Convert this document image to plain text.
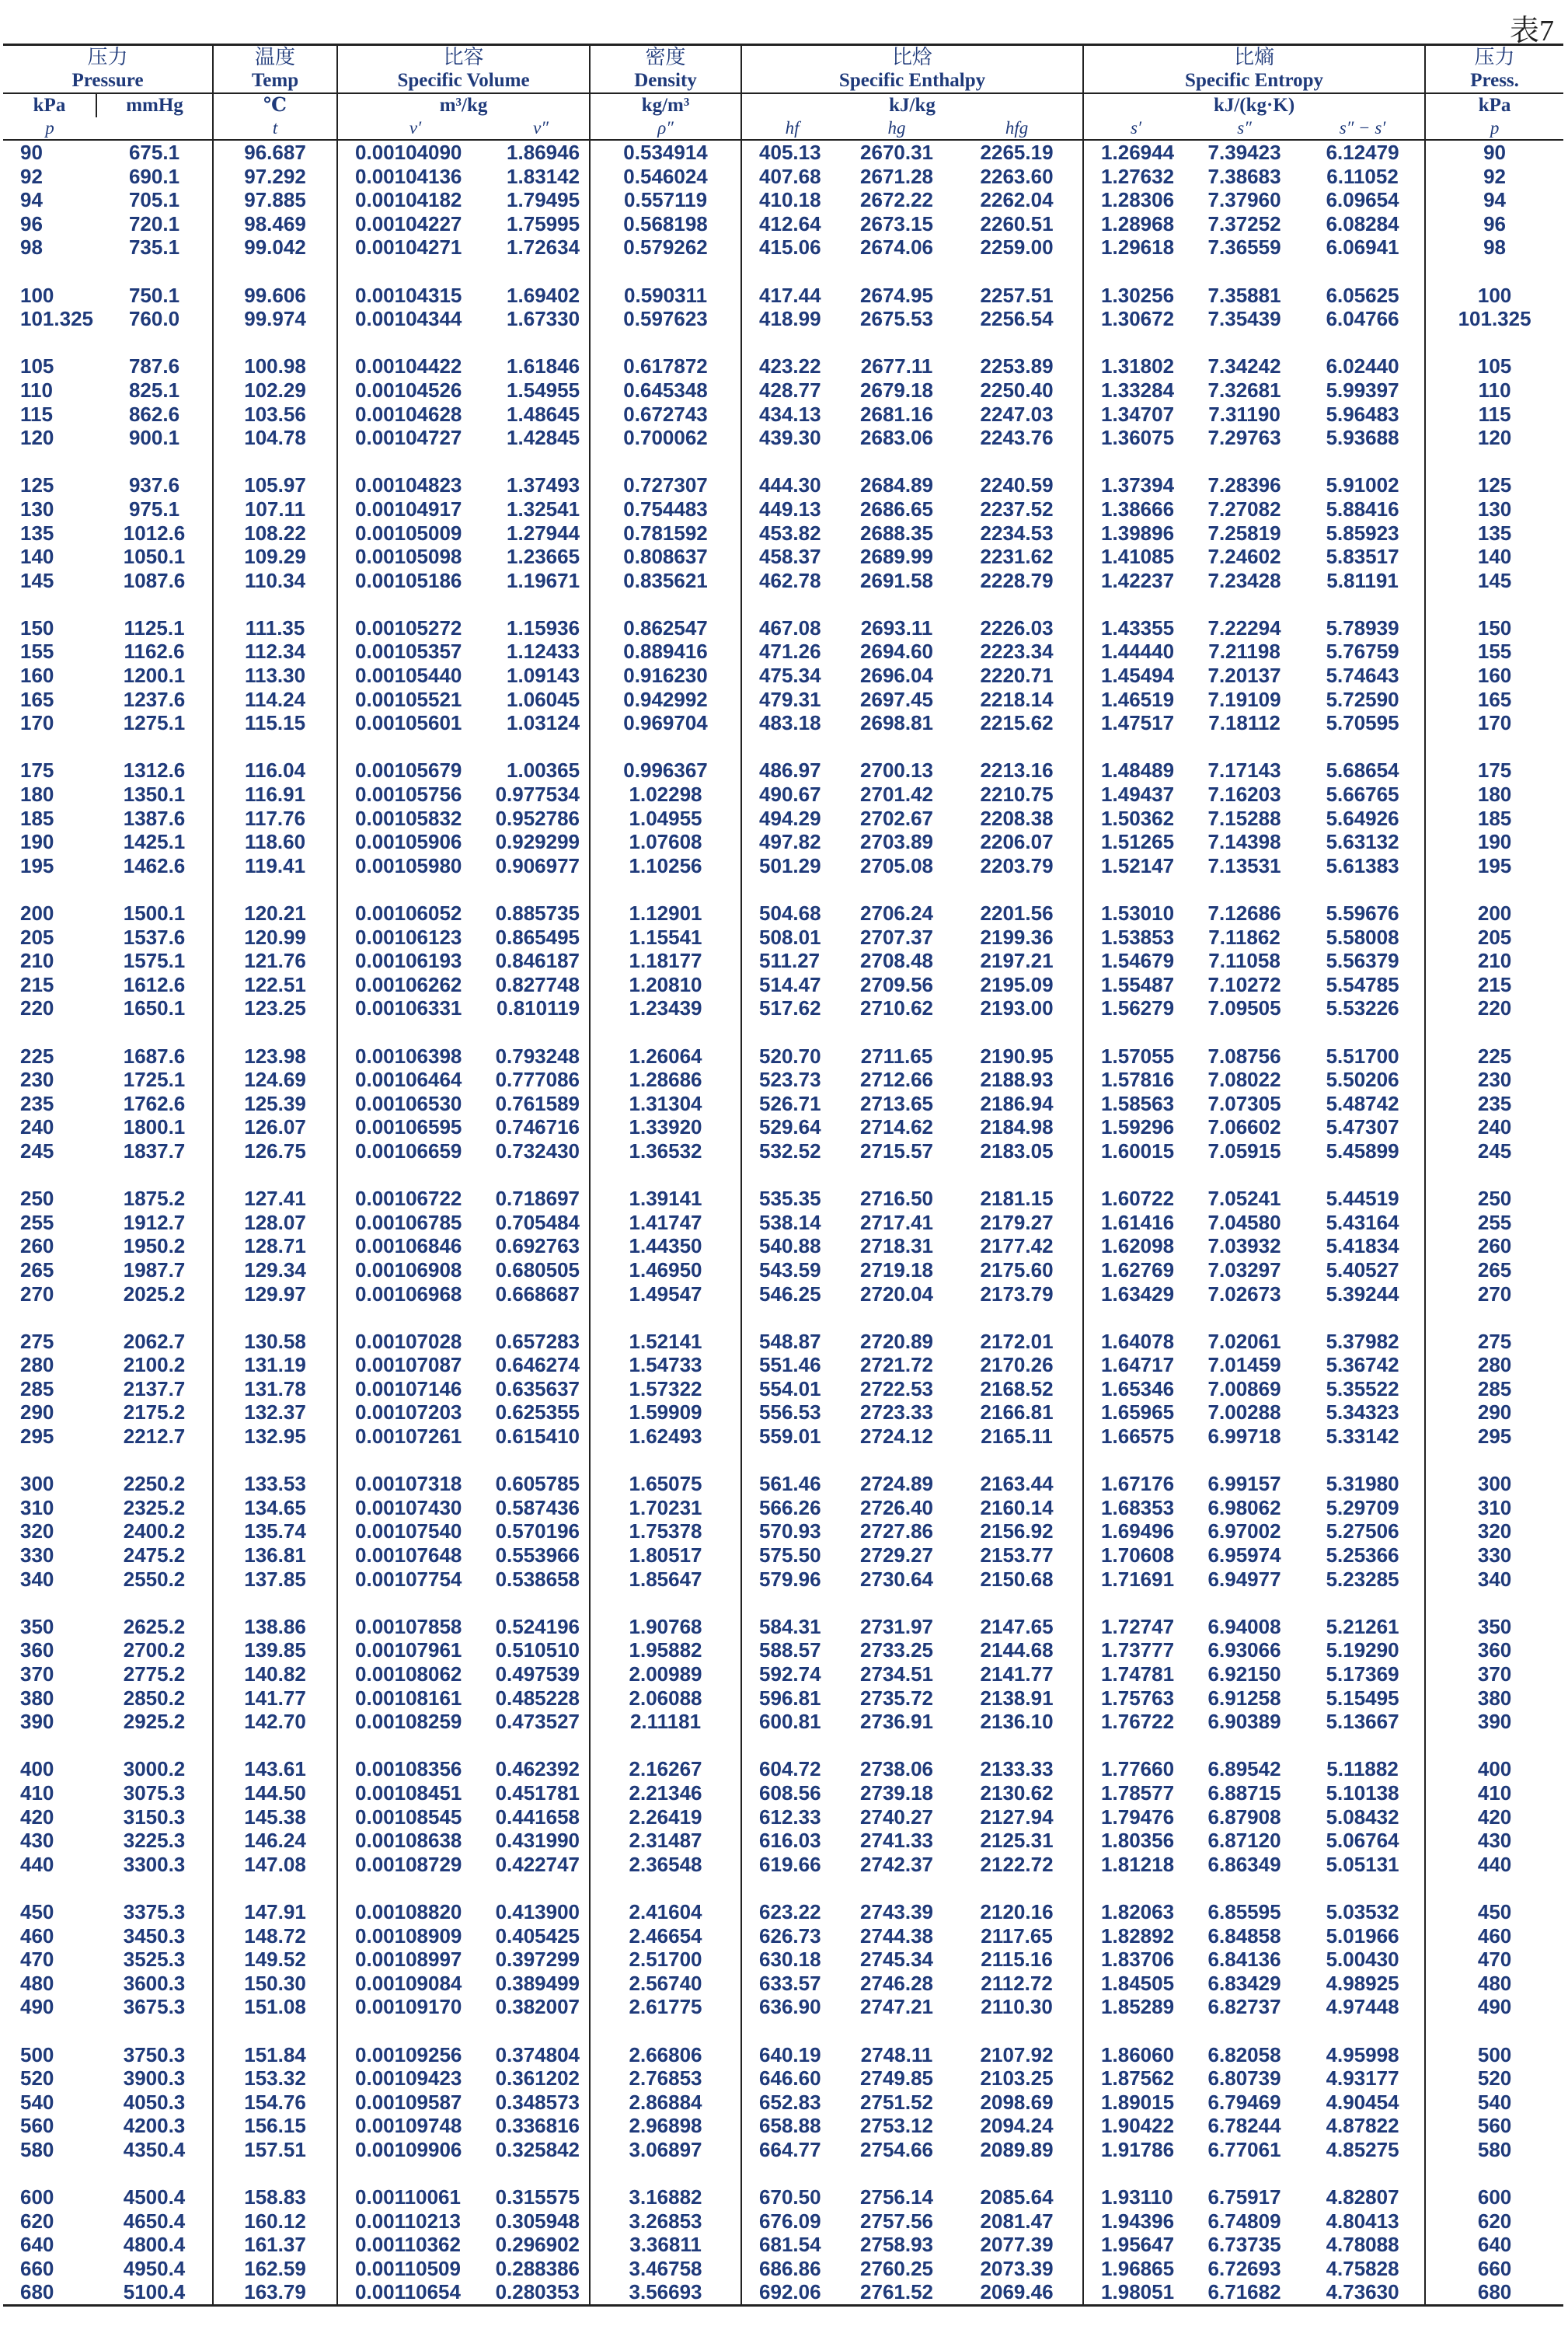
表7
压力		温度	比容		密度	比焓			比熵			压力
Pressure		Temp	Specific Volume		Density	Specific Enthalpy			Specific Entropy			Press.
kPa	mmHg	℃	m³/kg		kg/m³	kJ/kg			kJ/(kg·K)			kPa
p		t	v′	v″	ρ″	hf	hg	hfg	s′	s″	s″ − s′	p
90	675.1	96.687	0.00104090	1.86946	0.534914	405.13	2670.31	2265.19	1.26944	7.39423	6.12479	90
92	690.1	97.292	0.00104136	1.83142	0.546024	407.68	2671.28	2263.60	1.27632	7.38683	6.11052	92
94	705.1	97.885	0.00104182	1.79495	0.557119	410.18	2672.22	2262.04	1.28306	7.37960	6.09654	94
96	720.1	98.469	0.00104227	1.75995	0.568198	412.64	2673.15	2260.51	1.28968	7.37252	6.08284	96
98	735.1	99.042	0.00104271	1.72634	0.579262	415.06	2674.06	2259.00	1.29618	7.36559	6.06941	98

100	750.1	99.606	0.00104315	1.69402	0.590311	417.44	2674.95	2257.51	1.30256	7.35881	6.05625	100
101.325	760.0	99.974	0.00104344	1.67330	0.597623	418.99	2675.53	2256.54	1.30672	7.35439	6.04766	101.325

105	787.6	100.98	0.00104422	1.61846	0.617872	423.22	2677.11	2253.89	1.31802	7.34242	6.02440	105
110	825.1	102.29	0.00104526	1.54955	0.645348	428.77	2679.18	2250.40	1.33284	7.32681	5.99397	110
115	862.6	103.56	0.00104628	1.48645	0.672743	434.13	2681.16	2247.03	1.34707	7.31190	5.96483	115
120	900.1	104.78	0.00104727	1.42845	0.700062	439.30	2683.06	2243.76	1.36075	7.29763	5.93688	120

125	937.6	105.97	0.00104823	1.37493	0.727307	444.30	2684.89	2240.59	1.37394	7.28396	5.91002	125
130	975.1	107.11	0.00104917	1.32541	0.754483	449.13	2686.65	2237.52	1.38666	7.27082	5.88416	130
135	1012.6	108.22	0.00105009	1.27944	0.781592	453.82	2688.35	2234.53	1.39896	7.25819	5.85923	135
140	1050.1	109.29	0.00105098	1.23665	0.808637	458.37	2689.99	2231.62	1.41085	7.24602	5.83517	140
145	1087.6	110.34	0.00105186	1.19671	0.835621	462.78	2691.58	2228.79	1.42237	7.23428	5.81191	145

150	1125.1	111.35	0.00105272	1.15936	0.862547	467.08	2693.11	2226.03	1.43355	7.22294	5.78939	150
155	1162.6	112.34	0.00105357	1.12433	0.889416	471.26	2694.60	2223.34	1.44440	7.21198	5.76759	155
160	1200.1	113.30	0.00105440	1.09143	0.916230	475.34	2696.04	2220.71	1.45494	7.20137	5.74643	160
165	1237.6	114.24	0.00105521	1.06045	0.942992	479.31	2697.45	2218.14	1.46519	7.19109	5.72590	165
170	1275.1	115.15	0.00105601	1.03124	0.969704	483.18	2698.81	2215.62	1.47517	7.18112	5.70595	170

175	1312.6	116.04	0.00105679	1.00365	0.996367	486.97	2700.13	2213.16	1.48489	7.17143	5.68654	175
180	1350.1	116.91	0.00105756	0.977534	1.02298	490.67	2701.42	2210.75	1.49437	7.16203	5.66765	180
185	1387.6	117.76	0.00105832	0.952786	1.04955	494.29	2702.67	2208.38	1.50362	7.15288	5.64926	185
190	1425.1	118.60	0.00105906	0.929299	1.07608	497.82	2703.89	2206.07	1.51265	7.14398	5.63132	190
195	1462.6	119.41	0.00105980	0.906977	1.10256	501.29	2705.08	2203.79	1.52147	7.13531	5.61383	195

200	1500.1	120.21	0.00106052	0.885735	1.12901	504.68	2706.24	2201.56	1.53010	7.12686	5.59676	200
205	1537.6	120.99	0.00106123	0.865495	1.15541	508.01	2707.37	2199.36	1.53853	7.11862	5.58008	205
210	1575.1	121.76	0.00106193	0.846187	1.18177	511.27	2708.48	2197.21	1.54679	7.11058	5.56379	210
215	1612.6	122.51	0.00106262	0.827748	1.20810	514.47	2709.56	2195.09	1.55487	7.10272	5.54785	215
220	1650.1	123.25	0.00106331	0.810119	1.23439	517.62	2710.62	2193.00	1.56279	7.09505	5.53226	220

225	1687.6	123.98	0.00106398	0.793248	1.26064	520.70	2711.65	2190.95	1.57055	7.08756	5.51700	225
230	1725.1	124.69	0.00106464	0.777086	1.28686	523.73	2712.66	2188.93	1.57816	7.08022	5.50206	230
235	1762.6	125.39	0.00106530	0.761589	1.31304	526.71	2713.65	2186.94	1.58563	7.07305	5.48742	235
240	1800.1	126.07	0.00106595	0.746716	1.33920	529.64	2714.62	2184.98	1.59296	7.06602	5.47307	240
245	1837.7	126.75	0.00106659	0.732430	1.36532	532.52	2715.57	2183.05	1.60015	7.05915	5.45899	245

250	1875.2	127.41	0.00106722	0.718697	1.39141	535.35	2716.50	2181.15	1.60722	7.05241	5.44519	250
255	1912.7	128.07	0.00106785	0.705484	1.41747	538.14	2717.41	2179.27	1.61416	7.04580	5.43164	255
260	1950.2	128.71	0.00106846	0.692763	1.44350	540.88	2718.31	2177.42	1.62098	7.03932	5.41834	260
265	1987.7	129.34	0.00106908	0.680505	1.46950	543.59	2719.18	2175.60	1.62769	7.03297	5.40527	265
270	2025.2	129.97	0.00106968	0.668687	1.49547	546.25	2720.04	2173.79	1.63429	7.02673	5.39244	270

275	2062.7	130.58	0.00107028	0.657283	1.52141	548.87	2720.89	2172.01	1.64078	7.02061	5.37982	275
280	2100.2	131.19	0.00107087	0.646274	1.54733	551.46	2721.72	2170.26	1.64717	7.01459	5.36742	280
285	2137.7	131.78	0.00107146	0.635637	1.57322	554.01	2722.53	2168.52	1.65346	7.00869	5.35522	285
290	2175.2	132.37	0.00107203	0.625355	1.59909	556.53	2723.33	2166.81	1.65965	7.00288	5.34323	290
295	2212.7	132.95	0.00107261	0.615410	1.62493	559.01	2724.12	2165.11	1.66575	6.99718	5.33142	295

300	2250.2	133.53	0.00107318	0.605785	1.65075	561.46	2724.89	2163.44	1.67176	6.99157	5.31980	300
310	2325.2	134.65	0.00107430	0.587436	1.70231	566.26	2726.40	2160.14	1.68353	6.98062	5.29709	310
320	2400.2	135.74	0.00107540	0.570196	1.75378	570.93	2727.86	2156.92	1.69496	6.97002	5.27506	320
330	2475.2	136.81	0.00107648	0.553966	1.80517	575.50	2729.27	2153.77	1.70608	6.95974	5.25366	330
340	2550.2	137.85	0.00107754	0.538658	1.85647	579.96	2730.64	2150.68	1.71691	6.94977	5.23285	340

350	2625.2	138.86	0.00107858	0.524196	1.90768	584.31	2731.97	2147.65	1.72747	6.94008	5.21261	350
360	2700.2	139.85	0.00107961	0.510510	1.95882	588.57	2733.25	2144.68	1.73777	6.93066	5.19290	360
370	2775.2	140.82	0.00108062	0.497539	2.00989	592.74	2734.51	2141.77	1.74781	6.92150	5.17369	370
380	2850.2	141.77	0.00108161	0.485228	2.06088	596.81	2735.72	2138.91	1.75763	6.91258	5.15495	380
390	2925.2	142.70	0.00108259	0.473527	2.11181	600.81	2736.91	2136.10	1.76722	6.90389	5.13667	390

400	3000.2	143.61	0.00108356	0.462392	2.16267	604.72	2738.06	2133.33	1.77660	6.89542	5.11882	400
410	3075.3	144.50	0.00108451	0.451781	2.21346	608.56	2739.18	2130.62	1.78577	6.88715	5.10138	410
420	3150.3	145.38	0.00108545	0.441658	2.26419	612.33	2740.27	2127.94	1.79476	6.87908	5.08432	420
430	3225.3	146.24	0.00108638	0.431990	2.31487	616.03	2741.33	2125.31	1.80356	6.87120	5.06764	430
440	3300.3	147.08	0.00108729	0.422747	2.36548	619.66	2742.37	2122.72	1.81218	6.86349	5.05131	440

450	3375.3	147.91	0.00108820	0.413900	2.41604	623.22	2743.39	2120.16	1.82063	6.85595	5.03532	450
460	3450.3	148.72	0.00108909	0.405425	2.46654	626.73	2744.38	2117.65	1.82892	6.84858	5.01966	460
470	3525.3	149.52	0.00108997	0.397299	2.51700	630.18	2745.34	2115.16	1.83706	6.84136	5.00430	470
480	3600.3	150.30	0.00109084	0.389499	2.56740	633.57	2746.28	2112.72	1.84505	6.83429	4.98925	480
490	3675.3	151.08	0.00109170	0.382007	2.61775	636.90	2747.21	2110.30	1.85289	6.82737	4.97448	490

500	3750.3	151.84	0.00109256	0.374804	2.66806	640.19	2748.11	2107.92	1.86060	6.82058	4.95998	500
520	3900.3	153.32	0.00109423	0.361202	2.76853	646.60	2749.85	2103.25	1.87562	6.80739	4.93177	520
540	4050.3	154.76	0.00109587	0.348573	2.86884	652.83	2751.52	2098.69	1.89015	6.79469	4.90454	540
560	4200.3	156.15	0.00109748	0.336816	2.96898	658.88	2753.12	2094.24	1.90422	6.78244	4.87822	560
580	4350.4	157.51	0.00109906	0.325842	3.06897	664.77	2754.66	2089.89	1.91786	6.77061	4.85275	580

600	4500.4	158.83	0.00110061	0.315575	3.16882	670.50	2756.14	2085.64	1.93110	6.75917	4.82807	600
620	4650.4	160.12	0.00110213	0.305948	3.26853	676.09	2757.56	2081.47	1.94396	6.74809	4.80413	620
640	4800.4	161.37	0.00110362	0.296902	3.36811	681.54	2758.93	2077.39	1.95647	6.73735	4.78088	640
660	4950.4	162.59	0.00110509	0.288386	3.46758	686.86	2760.25	2073.39	1.96865	6.72693	4.75828	660
680	5100.4	163.79	0.00110654	0.280353	3.56693	692.06	2761.52	2069.46	1.98051	6.71682	4.73630	680
